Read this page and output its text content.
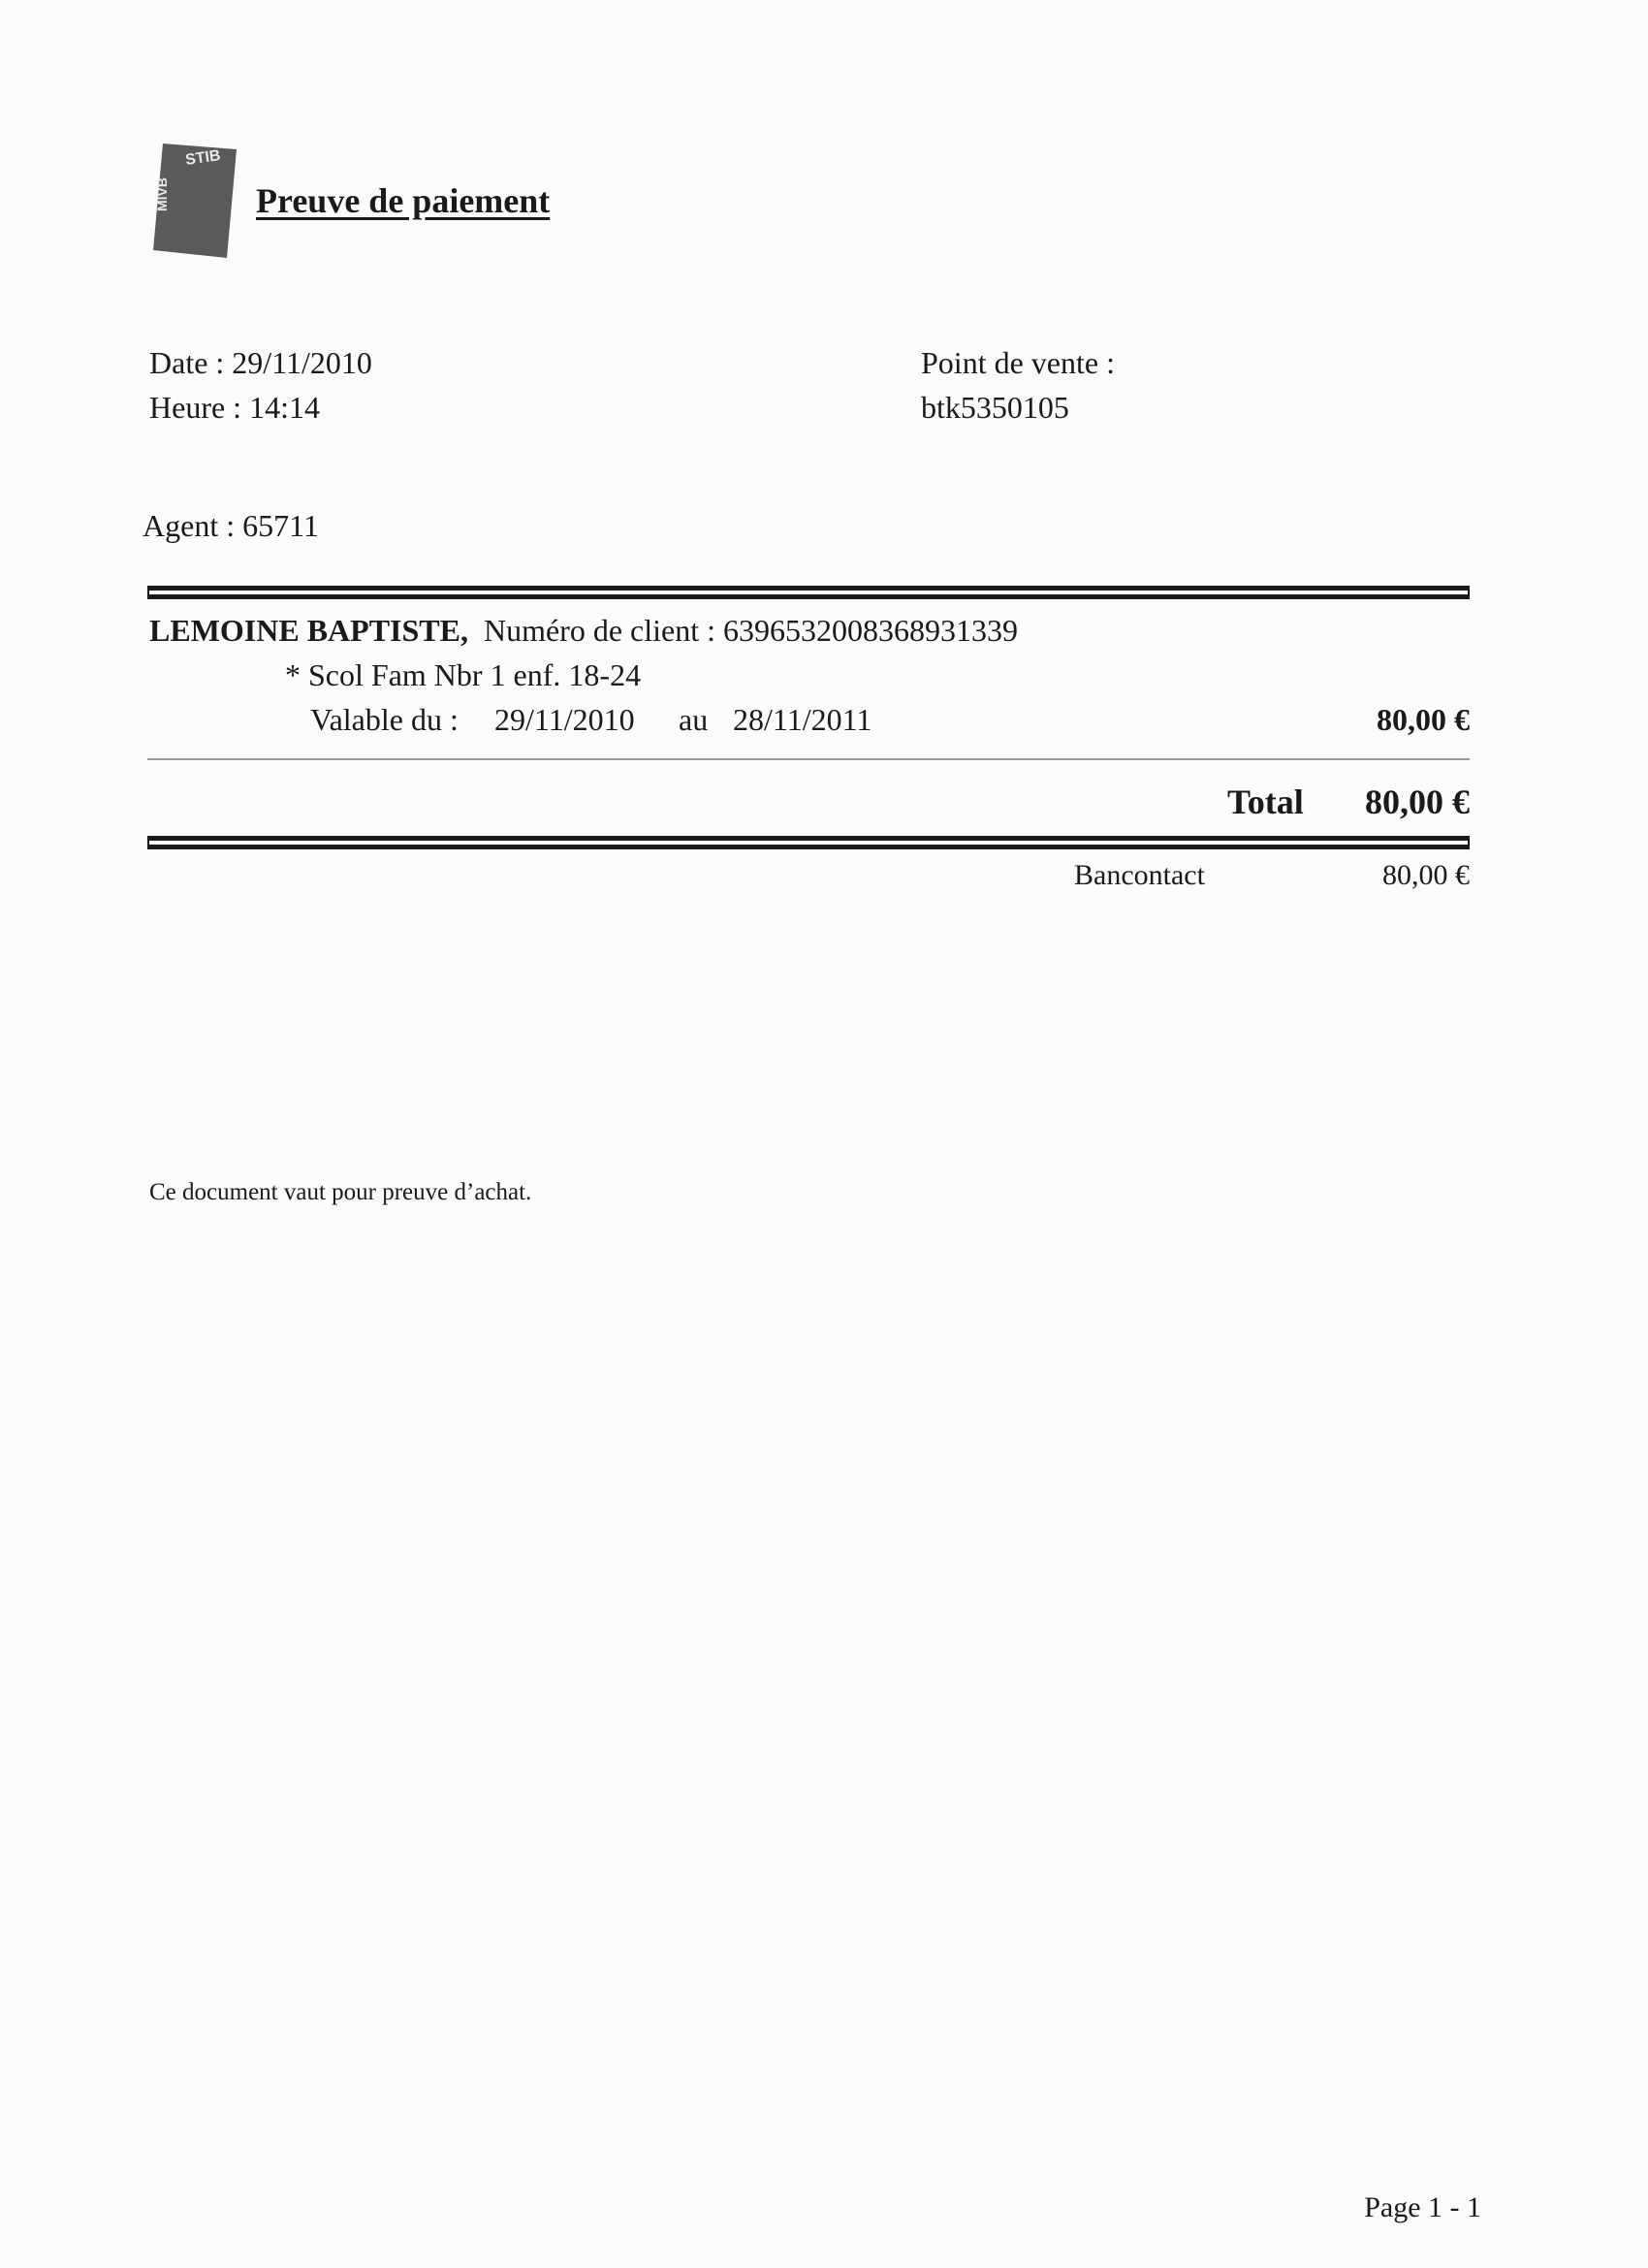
STIB
MIVB Preuve de paiement
Date : 29/11/2010
Heure : 14:14
Point de vente :
btk5350105
Agent : 65711
LEMOINE BAPTISTE, Numéro de client : 6396532008368931339
* Scol Fam Nbr 1 enf. 18-24
Valable du : 29/11/2010 au 28/11/2011	80,00 €
Total 80,00 €
Bancontact	80,00 €
Ce document vaut pour preuve d’achat.
Page 1 - 1
